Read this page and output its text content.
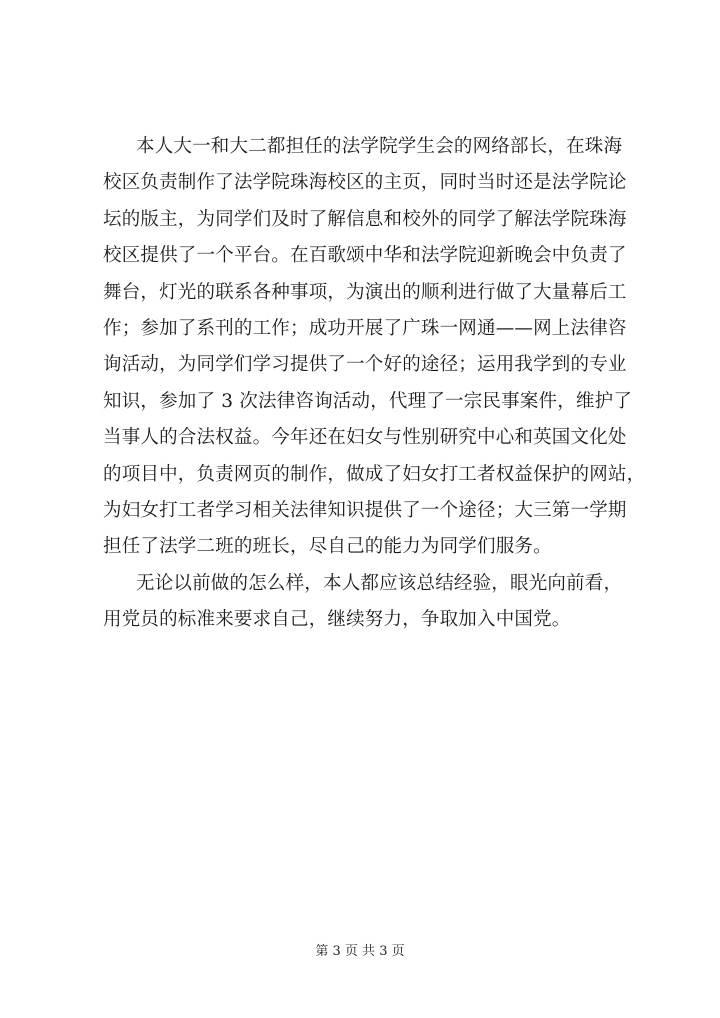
本人大一和大二都担任的法学院学生会的网络部长，在珠海
校区负责制作了法学院珠海校区的主页，同时当时还是法学院论
坛的版主，为同学们及时了解信息和校外的同学了解法学院珠海
校区提供了一个平台。在百歌颂中华和法学院迎新晚会中负责了
舞台，灯光的联系各种事项，为演出的顺利进行做了大量幕后工
作；参加了系刊的工作；成功开展了广珠一网通——网上法律咨
询活动，为同学们学习提供了一个好的途径；运用我学到的专业
知识，参加了 3 次法律咨询活动，代理了一宗民事案件，维护了
当事人的合法权益。今年还在妇女与性别研究中心和英国文化处
的项目中，负责网页的制作，做成了妇女打工者权益保护的网站，
为妇女打工者学习相关法律知识提供了一个途径；大三第一学期
担任了法学二班的班长，尽自己的能力为同学们服务。
无论以前做的怎么样，本人都应该总结经验，眼光向前看，
用党员的标准来要求自己，继续努力，争取加入中国党。
第 3 页 共 3 页
